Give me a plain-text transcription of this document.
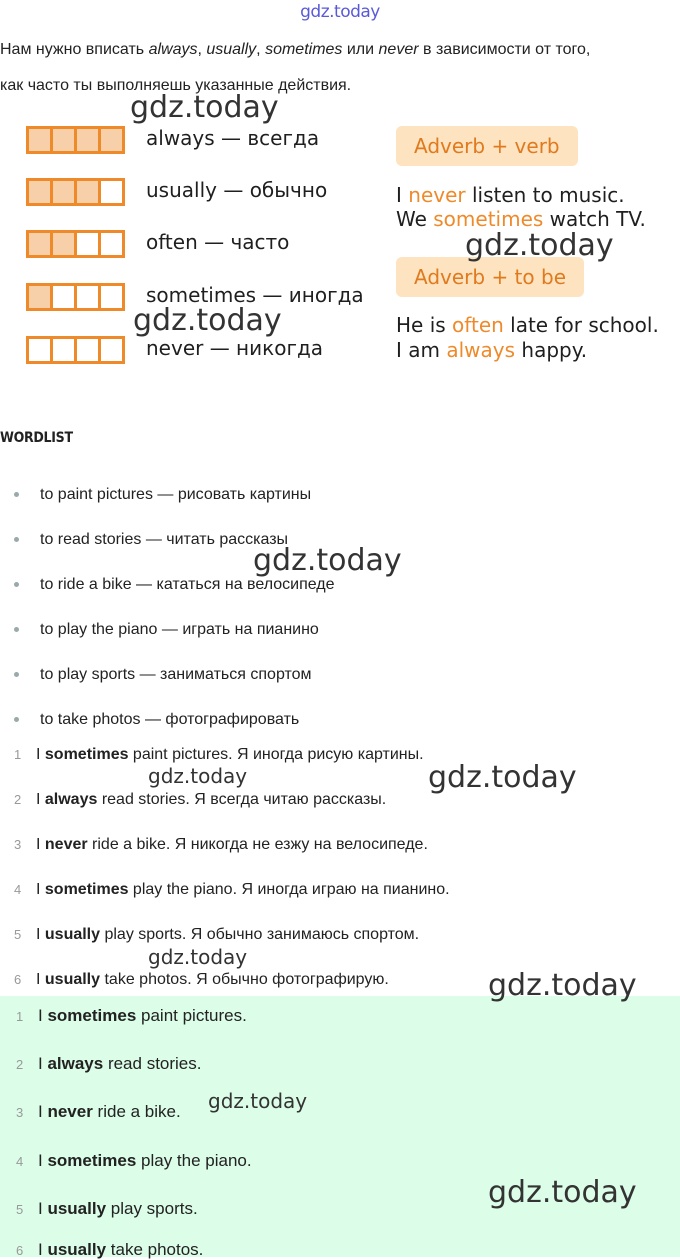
gdz.today
Нам нужно вписать always, usually, sometimes или never в зависимости от того,
как часто ты выполняешь указанные действия.
always — всегда
usually — обычно
often — часто
sometimes — иногда
never — никогда
Adverb + verb
I never listen to music.
We sometimes watch TV.
Adverb + to be
He is often late for school.
I am always happy.
WORDLIST
to paint pictures — рисовать картины
to read stories — читать рассказы
to ride a bike — кататься на велосипеде
to play the piano — играть на пианино
to play sports — заниматься спортом
to take photos — фотографировать
1 I sometimes paint pictures. Я иногда рисую картины.
2 I always read stories. Я всегда читаю рассказы.
3 I never ride a bike. Я никогда не езжу на велосипеде.
4 I sometimes play the piano. Я иногда играю на пианино.
5 I usually play sports. Я обычно занимаюсь спортом.
6 I usually take photos. Я обычно фотографирую.
1 I sometimes paint pictures.
2 I always read stories.
3 I never ride a bike.
4 I sometimes play the piano.
5 I usually play sports.
6 I usually take photos.
gdz.today
gdz.today
gdz.today
gdz.today
gdz.today	gdz.today
gdz.today
gdz.today
gdz.today
gdz.today
